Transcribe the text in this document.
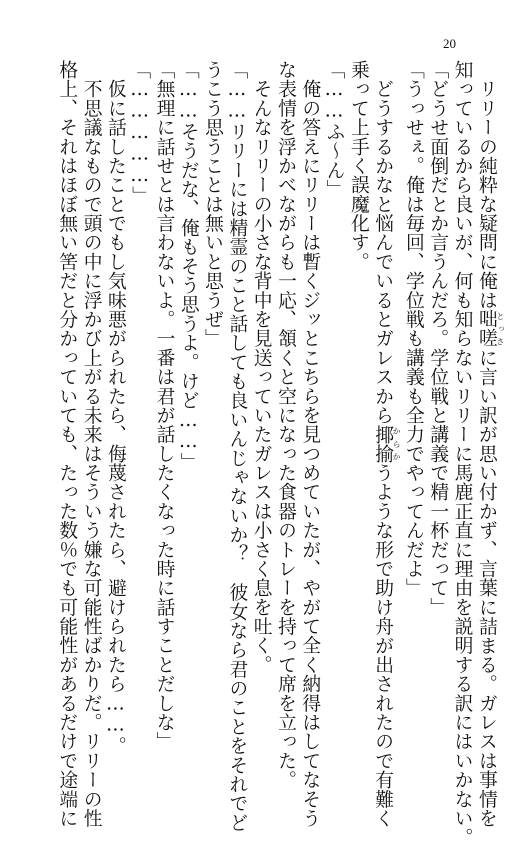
20
　リリーの純粋な疑問に俺は咄嗟 とっさに言い訳が思い付かず、言葉に詰まる。ガレスは事情を
知っているから良いが、何も知らないリリーに馬鹿正直に理由を説明する訳にはいかない。
「どうせ面倒だとか言うんだろ。学位戦と講義で精一杯だって」
「うっせぇ。俺は毎回、学位戦も講義も全力でやってんだよ」
　どうするかなと悩んでいるとガレスから揶揄 からかうような形で助け舟が出されたので有難く
乗って上手く誤魔化す。
「……ふ〜ん」
　俺の答えにリリーは暫くジッとこちらを見つめていたが、やがて全く納得はしてなそう
な表情を浮かべながらも一応、頷くと空になった食器のトレーを持って席を立った。
　そんなリリーの小さな背中を見送っていたガレスは小さく息を吐く。
「……リリーには精霊のこと話しても良いんじゃないか？　彼女なら君のことをそれでど
うこう思うことは無いと思うぜ」
「……そうだな、俺もそう思うよ。けど……」
「無理に話せとは言わないよ。一番は君が話したくなった時に話すことだしな」
「……………」
　仮に話したことでもし気味悪がられたら、侮蔑されたら、避けられたら……。
　不思議なもので頭の中に浮かび上がる未来はそういう嫌な可能性ばかりだ。リリーの性
格上、それはほぼ無い筈だと分かっていても、たった数％でも可能性があるだけで途端に
